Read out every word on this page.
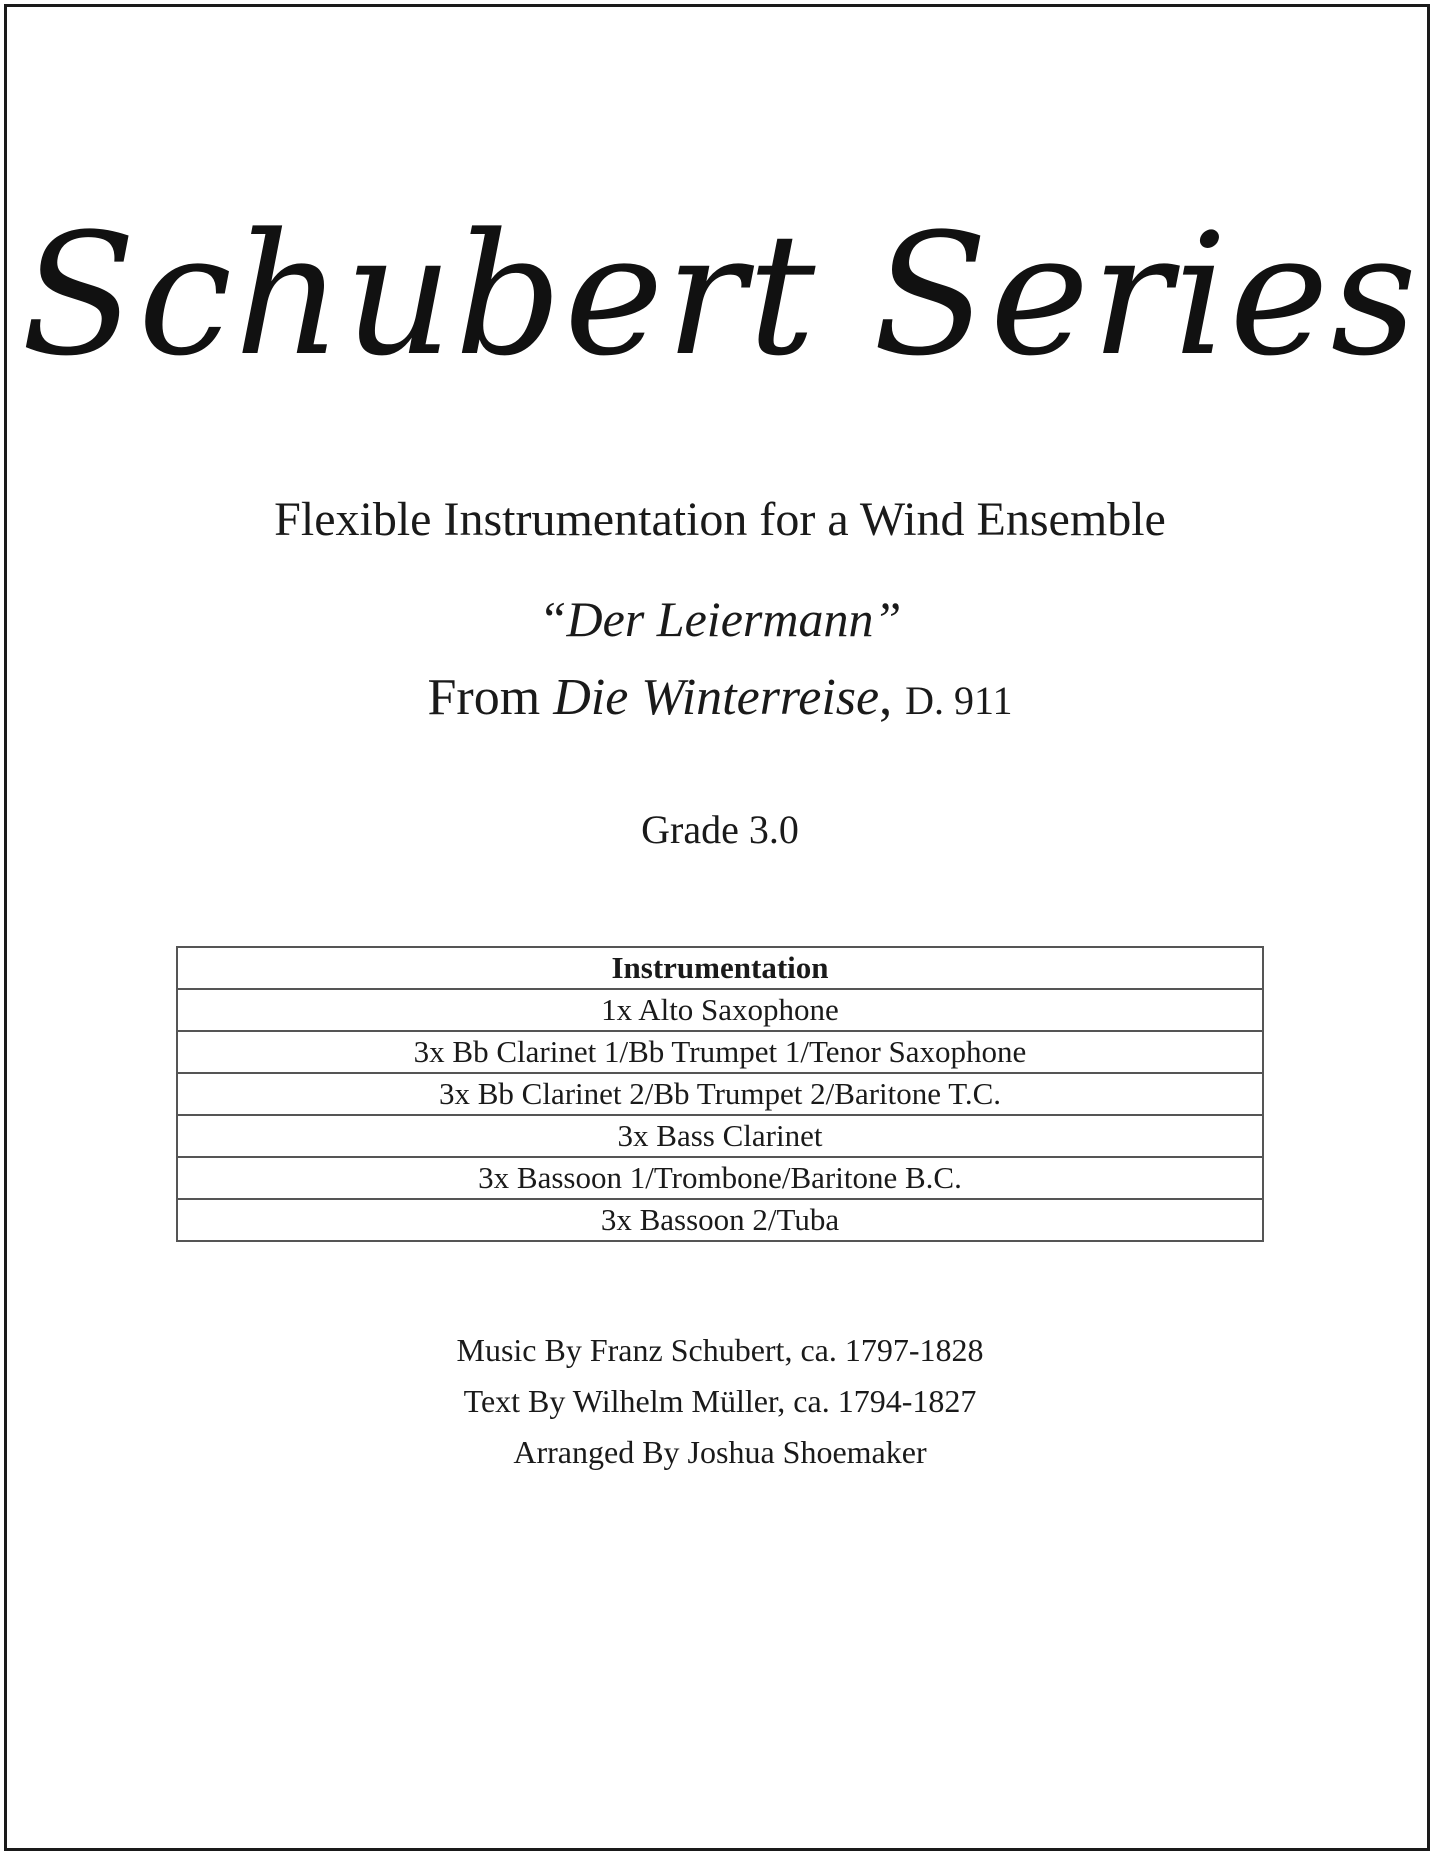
Schubert Series
Flexible Instrumentation for a Wind Ensemble
“Der Leiermann”
From Die Winterreise, D. 911
Grade 3.0
Instrumentation
1x Alto Saxophone
3x Bb Clarinet 1/Bb Trumpet 1/Tenor Saxophone
3x Bb Clarinet 2/Bb Trumpet 2/Baritone T.C.
3x Bass Clarinet
3x Bassoon 1/Trombone/Baritone B.C.
3x Bassoon 2/Tuba
Music By Franz Schubert, ca. 1797-1828
Text By Wilhelm Müller, ca. 1794-1827
Arranged By Joshua Shoemaker
